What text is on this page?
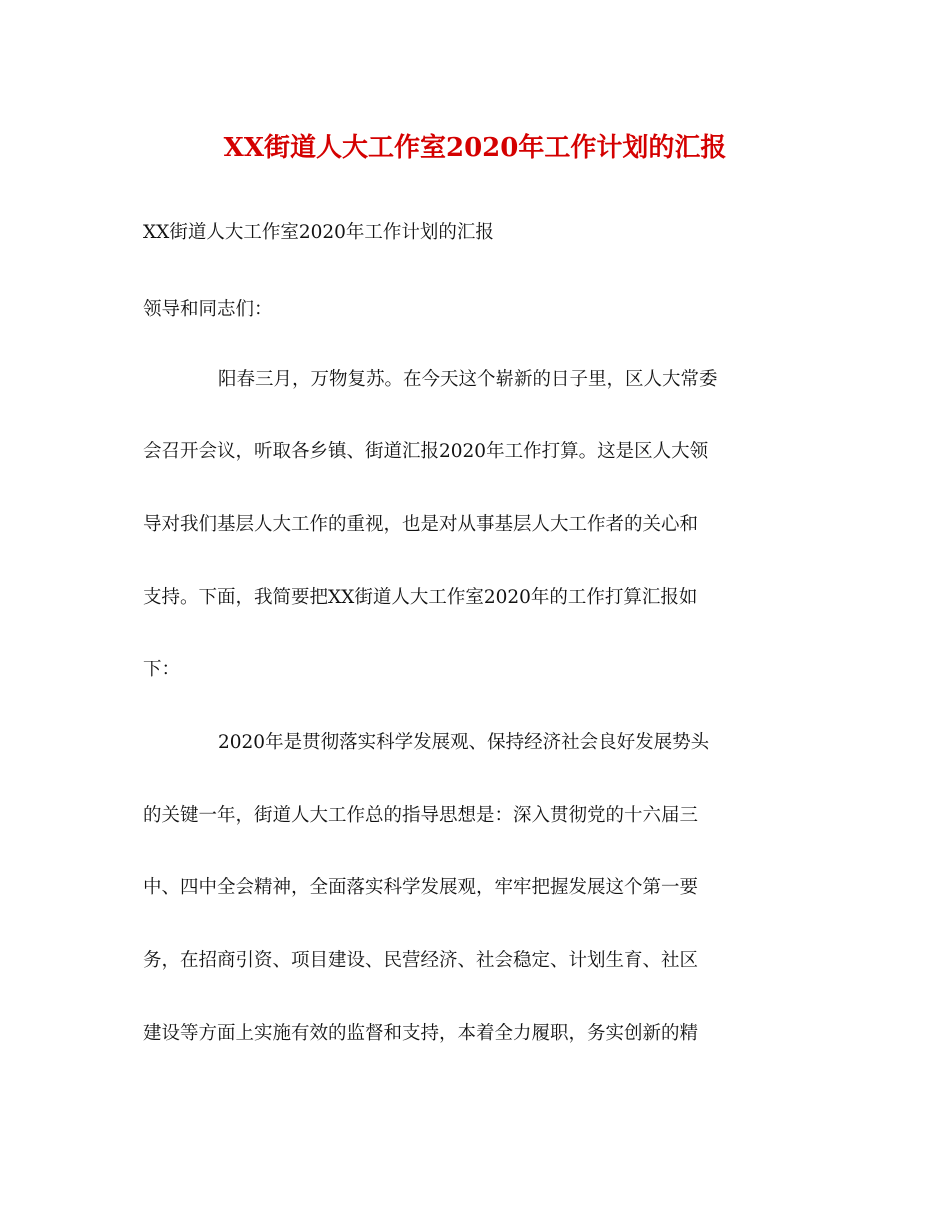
XX街道人大工作室2020年工作计划的汇报
XX街道人大工作室2020年工作计划的汇报
领导和同志们：
阳春三月，万物复苏。在今天这个崭新的日子里，区人大常委
会召开会议，听取各乡镇、街道汇报2020年工作打算。这是区人大领
导对我们基层人大工作的重视，也是对从事基层人大工作者的关心和
支持。下面，我简要把XX街道人大工作室2020年的工作打算汇报如
下：
2020年是贯彻落实科学发展观、保持经济社会良好发展势头
的关键一年，街道人大工作总的指导思想是：深入贯彻党的十六届三
中、四中全会精神，全面落实科学发展观，牢牢把握发展这个第一要
务，在招商引资、项目建设、民营经济、社会稳定、计划生育、社区
建设等方面上实施有效的监督和支持，本着全力履职，务实创新的精
